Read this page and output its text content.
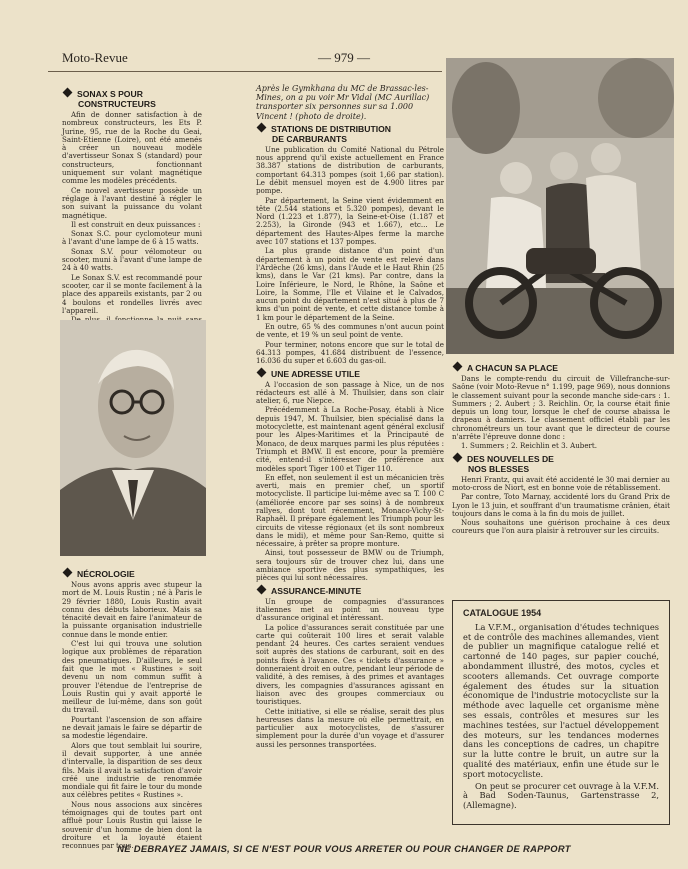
Moto-Revue	— 979 —
SONAX S POUR
CONSTRUCTEURS

Afin de donner satisfaction à de nombreux constructeurs, les Ets P. Jurine, 95, rue de la Roche du Geai, Saint-Etienne (Loire), ont été amenés à créer un nouveau modèle d'avertisseur Sonax S (standard) pour constructeurs, fonctionnant uniquement sur volant magnétique comme les modèles précédents.

Ce nouvel avertisseur possède un réglage à l'avant destiné à régler le son suivant la puissance du volant magnétique.

Il est construit en deux puissances :

Sonax S.C. pour cyclomoteur muni à l'avant d'une lampe de 6 à 15 watts.

Sonax S.V. pour vélomoteur ou scooter, muni à l'avant d'une lampe de 24 à 40 watts.

Le Sonax S.V. est recommandé pour scooter, car il se monte facilement à la place des appareils existants, par 2 ou 4 boulons et rondelles livrés avec l'appareil.

NÉCROLOGIE

Nous avons appris avec stupeur la mort de M. Louis Rustin ; né à Paris le 29 février 1880, Louis Rustin avait connu des débuts laborieux. Mais sa ténacité devait en faire l'animateur de la puissante organisation industrielle connue dans le monde entier.

C'est lui qui trouva une solution logique aux problèmes de réparation des pneumatiques. D'ailleurs, le seul fait que le mot « Rustines » soit devenu un nom commun suffit à prouver l'étendue de l'entreprise de Louis Rustin qui y avait apporté le meilleur de lui-même, dans son goût du travail.

Pourtant l'ascension de son affaire ne devait jamais le faire se départir de sa modestie légendaire.

Alors que tout semblait lui sourire, il devait supporter, à une année d'intervalle, la disparition de ses deux fils. Mais il avait la satisfaction d'avoir créé une industrie de renommée mondiale qui fit faire le tour du monde aux célèbres petites « Rustines ».

Nous nous associons aux sincères témoignages qui de toutes part ont affluë pour Louis Rustin qui laisse le souvenir d'un homme de bien dont la droiture et la loyauté étaient reconnues par tous.

Après le Gymkhana du MC de Brassac-les-Mines, on a pu voir Mr Vidal (MC Aurillac) transporter six personnes sur sa 1.000 Vincent ! (photo de droite).
STATIONS DE DISTRIBUTION
DE CARBURANTS

Une publication du Comité National du Pétrole nous apprend qu'il existe actuellement en France 38.387 stations de distribution de carburants, comportant 64.313 pompes (soit 1,66 par station). Le débit mensuel moyen est de 4.900 litres par pompe.

Par département, la Seine vient évidemment en tête (2.544 stations et 5.320 pompes), devant le Nord (1.223 et 1.877), la Seine-et-Oise (1.187 et 2.253), la Gironde (943 et 1.667), etc... Le département des Hautes-Alpes ferme la marche avec 107 stations et 137 pompes.

La plus grande distance d'un point d'un département à un point de vente est relevé dans l'Ardèche (26 kms), dans l'Aude et le Haut Rhin (25 kms), dans le Var (21 kms). Par contre, dans la Loire Inférieure, le Nord, le Rhône, la Saône et Loire, la Somme, l'Ile et Vilaine et le Calvados, aucun point du département n'est situé à plus de 7 kms d'un point de vente, et cette distance tombe à 1 km pour le département de la Seine.

En outre, 65 % des communes n'ont aucun point de vente, et 19 % un seul point de vente.

Pour terminer, notons encore que sur le total de 64.313 pompes, 41.684 distribuent de l'essence, 16.036 du super et 6.603 du gas-oil.

UNE ADRESSE UTILE

A l'occasion de son passage à Nice, un de nos rédacteurs est allé à M. Thuilsier, dans son clair atelier, 6, rue Niepce.

Précédemment à La Roche-Posay, établi à Nice depuis 1947, M. Thuilsier, bien spécialisé dans la motocyclette, est maintenant agent général exclusif pour les Alpes-Maritimes et la Principauté de Monaco, de deux marques parmi les plus réputées : Triumph et BMW. Il est encore, pour la première cité, entend-il s'intéresser de préférence aux modèles sport Tiger 100 et Tiger 110.

En effet, non seulement il est un mécanicien très averti, mais en premier chef, un sportif motocycliste. Il participe lui-même avec sa T. 100 C (améliorée encore par ses soins) à de nombreux rallyes, dont tout récemment, Monaco-Vichy-St-Raphaël. Il prépare également les Triumph pour les circuits de vitesse régionaux (et ils sont nombreux dans le midi), et même pour San-Remo, quitte si nécessaire, à prêter sa propre monture.

Ainsi, tout possesseur de BMW ou de Triumph, sera toujours sûr de trouver chez lui, dans une ambiance sportive des plus sympathiques, les pièces qui lui sont nécessaires.

ASSURANCE-MINUTE

Un groupe de compagnies d'assurances italiennes met au point un nouveau type d'assurance original et intéressant.

La police d'assurances serait constituée par une carte qui coûterait 100 lires et serait valable pendant 24 heures. Ces cartes seraient vendues soit auprès des stations de carburant, soit en des points fixés à l'avance. Ces « tickets d'assurance » donneraient droit en outre, pendant leur période de validité, à des remises, à des primes et avantages divers, les compagnies d'assurances agissant en liaison avec des groupes commerciaux ou touristiques.

Cette initiative, si elle se réalise, serait des plus heureuses dans la mesure où elle permettrait, en particulier aux motocyclistes, de s'assurer simplement pour la durée d'un voyage et d'assurer aussi les personnes transportées.

A CHACUN SA PLACE

Dans le compte-rendu du circuit de Villefranche-sur-Saône (voir Moto-Revue n° 1.199, page 969), nous donnions le classement suivant pour la seconde manche side-cars : 1. Summers ; 2. Aubert ; 3. Reichlin. Or, la course était finie depuis un long tour, lorsque le chef de course abaissa le drapeau à damiers. Le classement officiel établi par les chronométreurs un tour avant que le directeur de course n'arrête l'épreuve donne donc :

1. Summers ; 2. Reichlin et 3. Aubert.

DES NOUVELLES DE
NOS BLESSES

Henri Frantz, qui avait été accidenté le 30 mai dernier au moto-cross de Niort, est en bonne voie de rétablissement.

Par contre, Toto Marnay, accidenté lors du Grand Prix de Lyon le 13 juin, et souffrant d'un traumatisme crânien, était toujours dans le coma à la fin du mois de juillet.

Nous souhaitons une guérison prochaine à ces deux coureurs que l'on aura plaisir à retrouver sur les circuits.

CATALOGUE 1954

La V.F.M., organisation d'études techniques et de contrôle des machines allemandes, vient de publier un magnifique catalogue relié et cartonné de 140 pages, sur papier couché, abondamment illustré, des motos, cycles et scooters allemands. Cet ouvrage comporte également des études sur la situation économique de l'industrie motocycliste sur la méthode avec laquelle cet organisme mène ses essais, contrôles et mesures sur les machines testées, sur l'actuel développement des moteurs, sur les tendances modernes dans les conceptions de cadres, un chapitre sur la lutte contre le bruit, un autre sur la qualité des matériaux, enfin une étude sur le sport motocycliste.

On peut se procurer cet ouvrage à la V.F.M. à Bad Soden-Taunus, Gartenstrasse 2, (Allemagne).

NE DEBRAYEZ JAMAIS, SI CE N'EST POUR VOUS ARRETER OU POUR CHANGER DE RAPPORT
